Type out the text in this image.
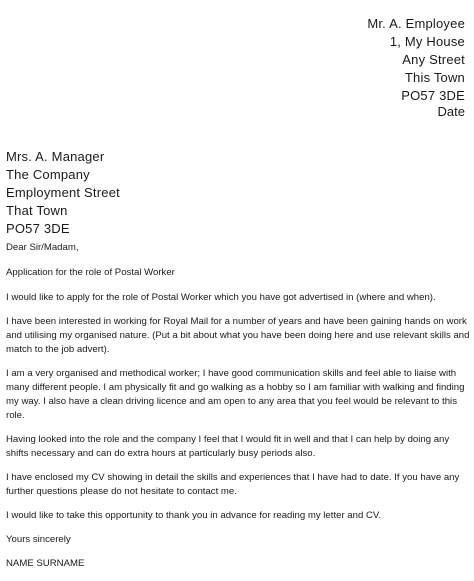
Mr. A. Employee
1, My House
Any Street
This Town
PO57 3DE
Date
Mrs. A. Manager
The Company
Employment Street
That Town
PO57 3DE

Dear Sir/Madam,

Application for the role of Postal Worker

I would like to apply for the role of Postal Worker which you have got advertised in (where and when).

I have been interested in working for Royal Mail for a number of years and have been gaining hands on work and utilising my organised nature. (Put a bit about what you have been doing here and use relevant skills and match to the job advert).

I am a very organised and methodical worker; I have good communication skills and feel able to liaise with many different people. I am physically fit and go walking as a hobby so I am familiar with walking and finding my way. I also have a clean driving licence and am open to any area that you feel would be relevant to this role.

Having looked into the role and the company I feel that I would fit in well and that I can help by doing any shifts necessary and can do extra hours at particularly busy periods also.

I have enclosed my CV showing in detail the skills and experiences that I have had to date. If you have any further questions please do not hesitate to contact me.

I would like to take this opportunity to thank you in advance for reading my letter and CV.

Yours sincerely

NAME SURNAME
